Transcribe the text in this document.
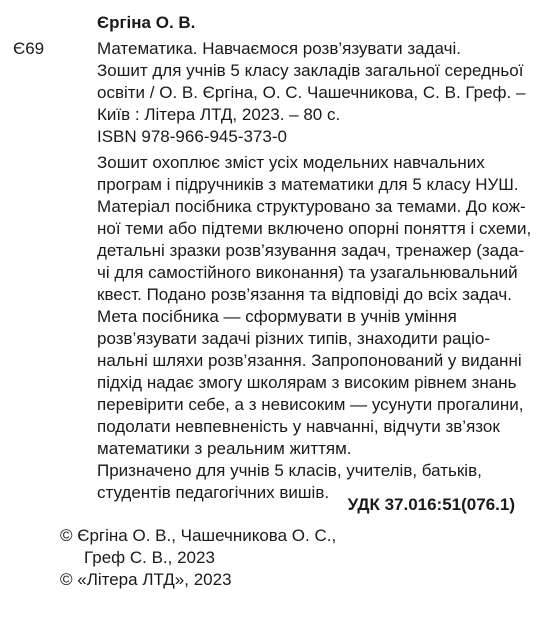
Єргіна О. В.
Є69	Математика. Навчаємося розв’язувати задачі.
Зошит для учнів 5 класу закладів загальної середньої
освіти / О. В. Єргіна, О. С. Чашечникова, С. В. Греф. –
Київ : Літера ЛТД, 2023. – 80 с.
ISBN 978-966-945-373-0
Зошит охоплює зміст усіх модельних навчальних
програм і підручників з математики для 5 класу НУШ.
Матеріал посібника структуровано за темами. До кож-
ної теми або підтеми включено опорні поняття і схеми,
детальні зразки розв’язування задач, тренажер (зада-
чі для самостійного виконання) та узагальнювальний
квест. Подано розв’язання та відповіді до всіх задач.
Мета посібника — сформувати в учнів уміння
розв’язувати задачі різних типів, знаходити раціо-
нальні шляхи розв’язання. Запропонований у виданні
підхід надає змогу школярам з високим рівнем знань
перевірити себе, а з невисоким — усунути прогалини,
подолати невпевненість у навчанні, відчути зв’язок
математики з реальним життям.
Призначено для учнів 5 класів, учителів, батьків,
студентів педагогічних вишів.
УДК 37.016:51(076.1)
© Єргіна О. В., Чашечникова О. С.,
Греф С. В., 2023
© «Літера ЛТД», 2023
